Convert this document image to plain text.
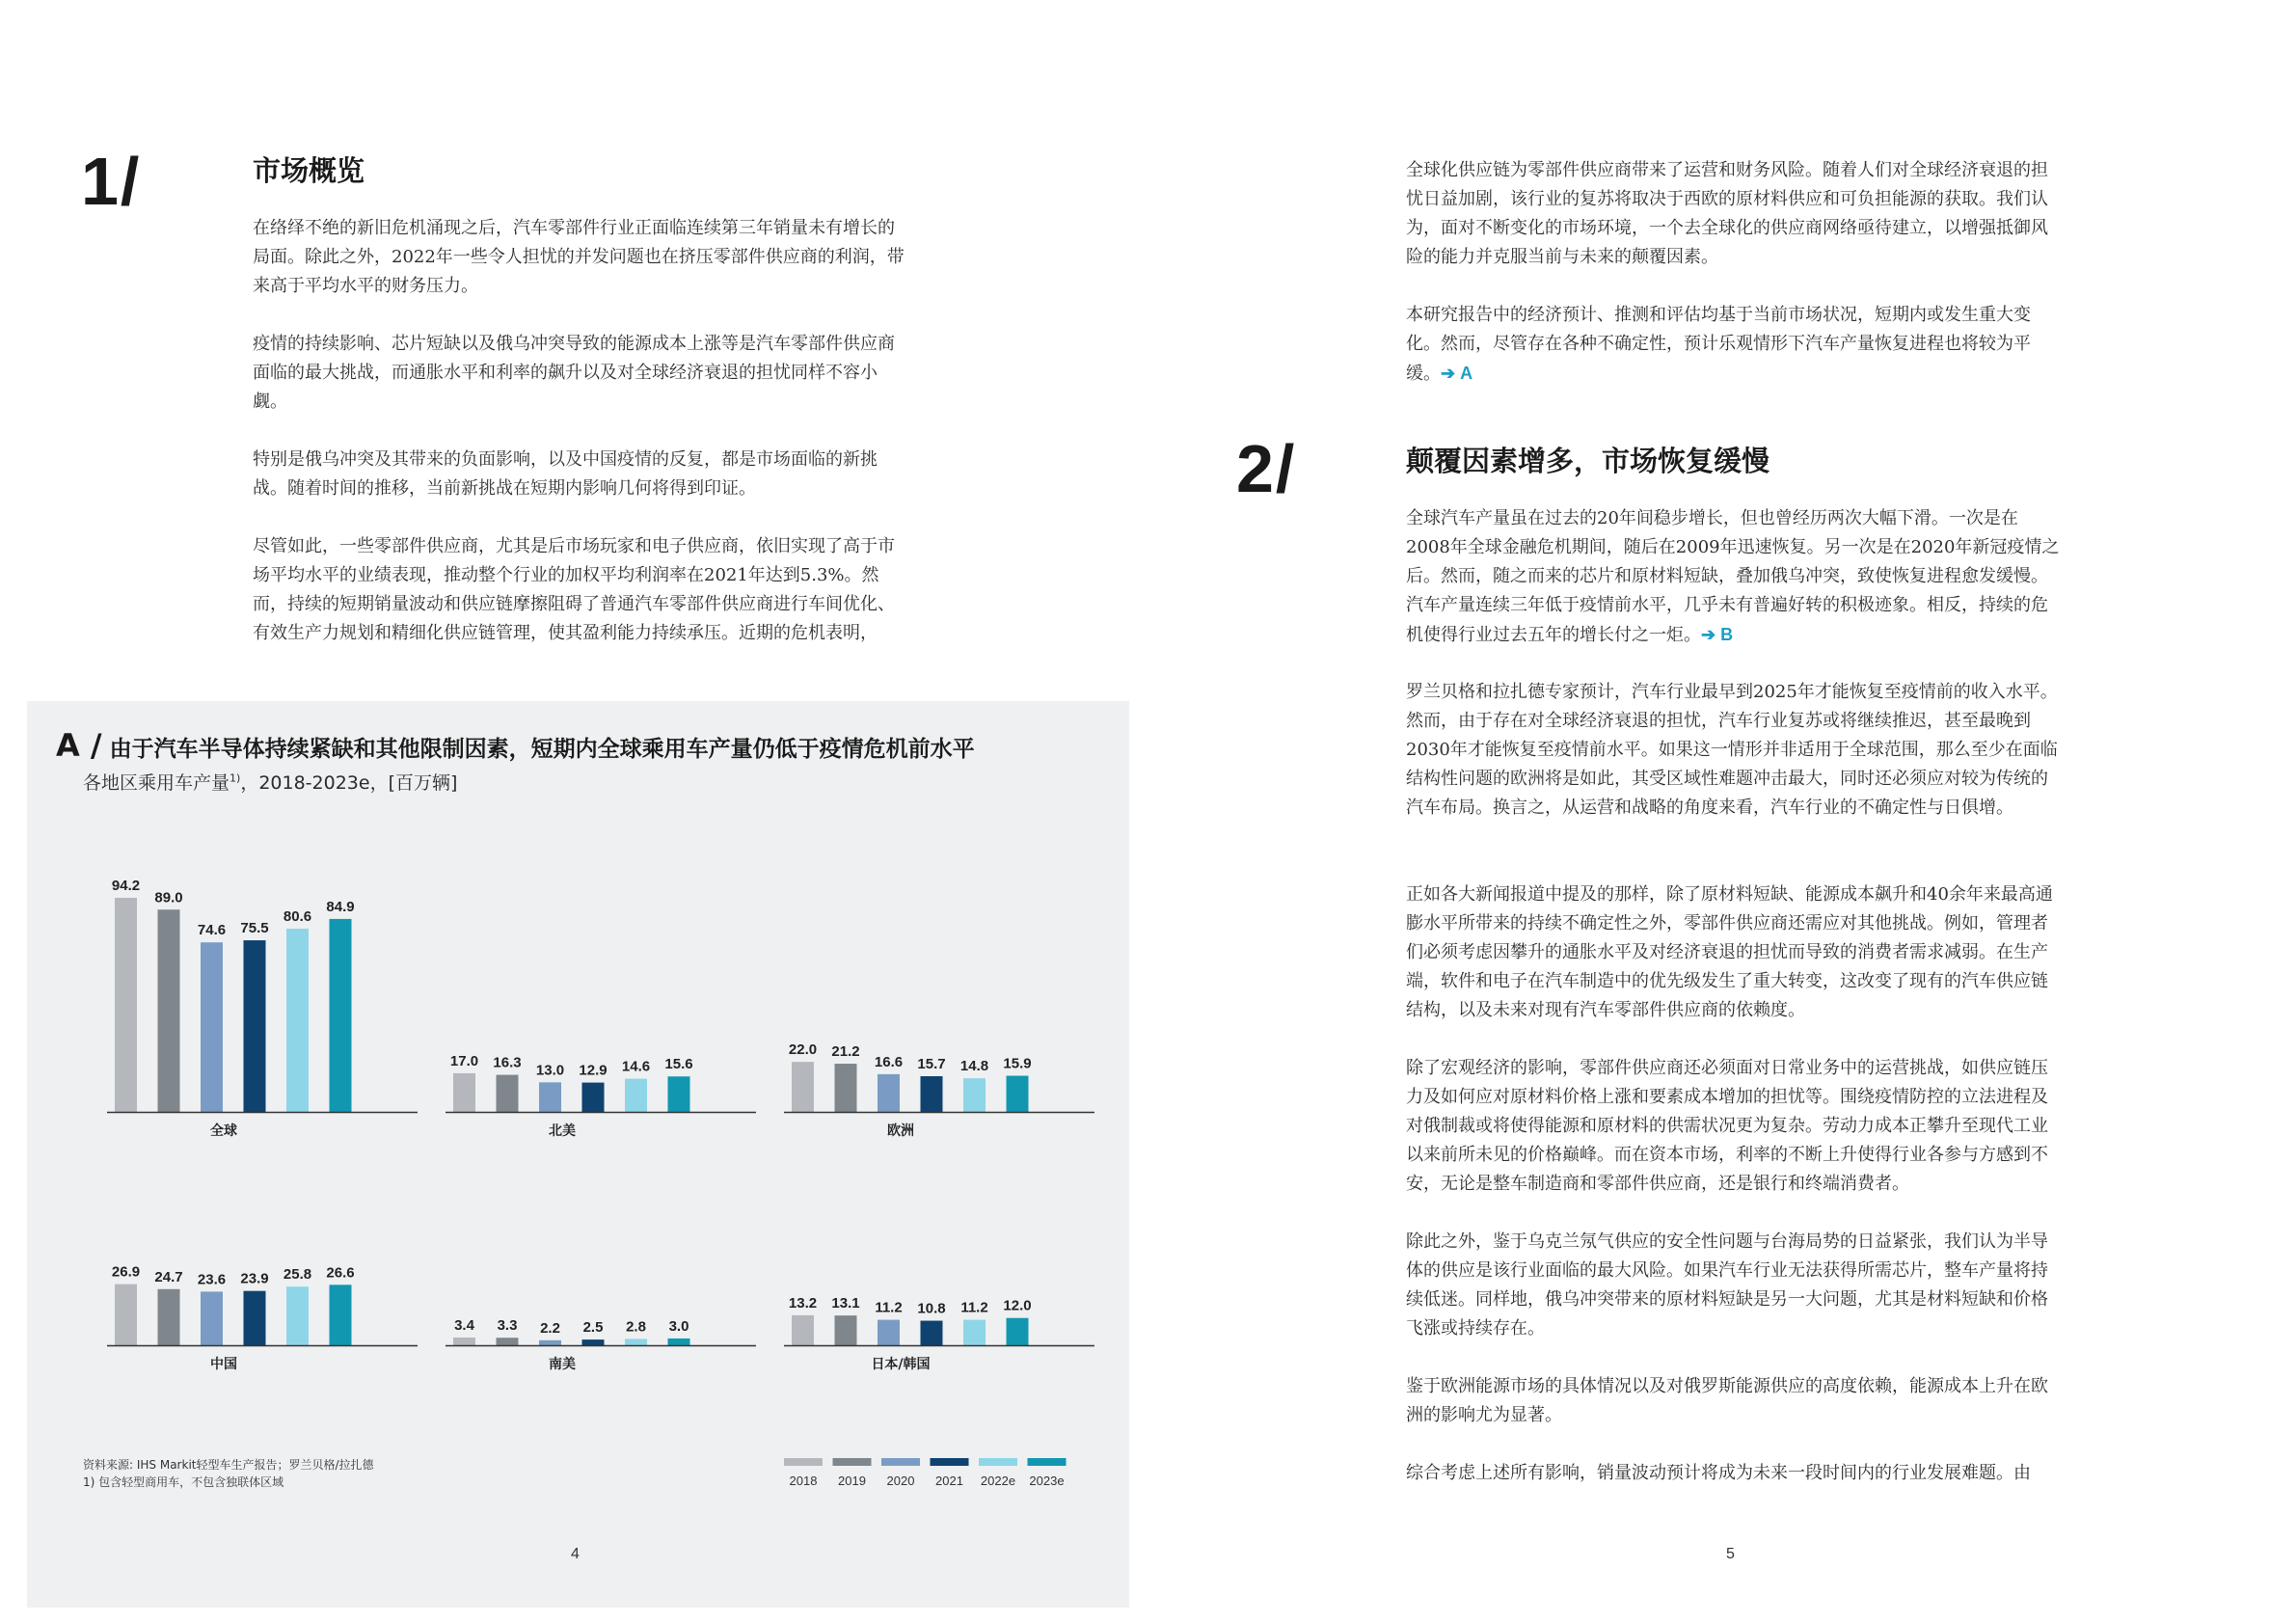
1/	市场概览

在络绎不绝的新旧危机涌现之后，汽车零部件行业正面临连续第三年销量未有增长的局面。除此之外，2022年一些令人担忧的并发问题也在挤压零部件供应商的利润，带来高于平均水平的财务压力。

疫情的持续影响、芯片短缺以及俄乌冲突导致的能源成本上涨等是汽车零部件供应商面临的最大挑战，而通胀水平和利率的飙升以及对全球经济衰退的担忧同样不容小觑。

特别是俄乌冲突及其带来的负面影响，以及中国疫情的反复，都是市场面临的新挑战。随着时间的推移，当前新挑战在短期内影响几何将得到印证。

尽管如此，一些零部件供应商，尤其是后市场玩家和电子供应商，依旧实现了高于市场平均水平的业绩表现，推动整个行业的加权平均利润率在2021年达到5.3%。然而，持续的短期销量波动和供应链摩擦阻碍了普通汽车零部件供应商进行车间优化、有效生产力规划和精细化供应链管理，使其盈利能力持续承压。近期的危机表明，

A / 由于汽车半导体持续紧缺和其他限制因素，短期内全球乘用车产量仍低于疫情危机前水平
各地区乘用车产量$^{1)}$，2018-2023e，[百万辆]
94.2
89.0
74.6 75.5
80.6
84.9
全球
17.0 16.3 13.0 12.9 14.6 15.6
北美
22.0 21.2
16.6 15.7 14.8 15.9
欧洲
26.9 24.7 23.6 23.9 25.8 26.6
中国
3.4 3.3 2.2 2.5 2.8 3.0
南美
13.2 13.1 11.2 10.8 11.2 12.0
日本/韩国
2018 2019 2020 2021 2022e 2023e
资料来源: IHS Markit轻型车生产报告；罗兰贝格/拉扎德
1) 包含轻型商用车，不包含独联体区域
4

全球化供应链为零部件供应商带来了运营和财务风险。随着人们对全球经济衰退的担忧日益加剧，该行业的复苏将取决于西欧的原材料供应和可负担能源的获取。我们认为，面对不断变化的市场环境，一个去全球化的供应商网络亟待建立，以增强抵御风险的能力并克服当前与未来的颠覆因素。

本研究报告中的经济预计、推测和评估均基于当前市场状况，短期内或发生重大变化。然而，尽管存在各种不确定性，预计乐观情形下汽车产量恢复进程也将较为平缓。➔ A

2/	颠覆因素增多，市场恢复缓慢

全球汽车产量虽在过去的20年间稳步增长，但也曾经历两次大幅下滑。一次是在2008年全球金融危机期间，随后在2009年迅速恢复。另一次是在2020年新冠疫情之后。然而，随之而来的芯片和原材料短缺，叠加俄乌冲突，致使恢复进程愈发缓慢。汽车产量连续三年低于疫情前水平，几乎未有普遍好转的积极迹象。相反，持续的危机使得行业过去五年的增长付之一炬。➔ B

罗兰贝格和拉扎德专家预计，汽车行业最早到2025年才能恢复至疫情前的收入水平。然而，由于存在对全球经济衰退的担忧，汽车行业复苏或将继续推迟，甚至最晚到2030年才能恢复至疫情前水平。如果这一情形并非适用于全球范围，那么至少在面临结构性问题的欧洲将是如此，其受区域性难题冲击最大，同时还必须应对较为传统的汽车布局。换言之，从运营和战略的角度来看，汽车行业的不确定性与日俱增。

正如各大新闻报道中提及的那样，除了原材料短缺、能源成本飙升和40余年来最高通膨水平所带来的持续不确定性之外，零部件供应商还需应对其他挑战。例如，管理者们必须考虑因攀升的通胀水平及对经济衰退的担忧而导致的消费者需求减弱。在生产端，软件和电子在汽车制造中的优先级发生了重大转变，这改变了现有的汽车供应链结构，以及未来对现有汽车零部件供应商的依赖度。

除了宏观经济的影响，零部件供应商还必须面对日常业务中的运营挑战，如供应链压力及如何应对原材料价格上涨和要素成本增加的担忧等。围绕疫情防控的立法进程及对俄制裁或将使得能源和原材料的供需状况更为复杂。劳动力成本正攀升至现代工业以来前所未见的价格巅峰。而在资本市场，利率的不断上升使得行业各参与方感到不安，无论是整车制造商和零部件供应商，还是银行和终端消费者。

除此之外，鉴于乌克兰氖气供应的安全性问题与台海局势的日益紧张，我们认为半导体的供应是该行业面临的最大风险。如果汽车行业无法获得所需芯片，整车产量将持续低迷。同样地，俄乌冲突带来的原材料短缺是另一大问题，尤其是材料短缺和价格飞涨或持续存在。

鉴于欧洲能源市场的具体情况以及对俄罗斯能源供应的高度依赖，能源成本上升在欧洲的影响尤为显著。

综合考虑上述所有影响，销量波动预计将成为未来一段时间内的行业发展难题。由

5
